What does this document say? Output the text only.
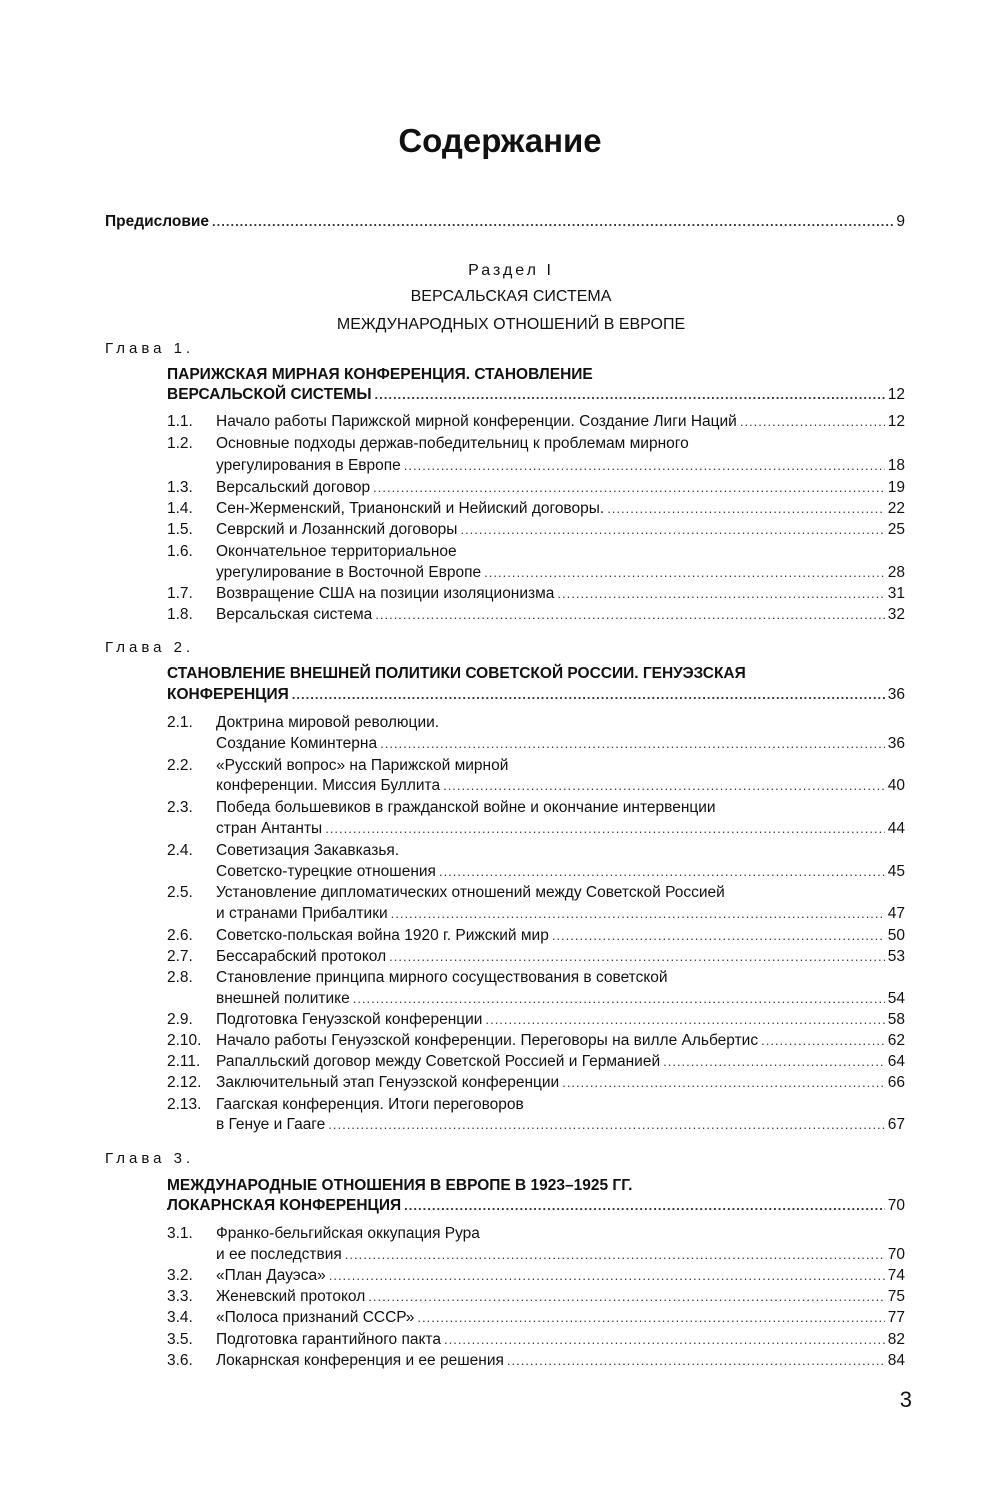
Содержание
Предисловие .....	9
Раздел I
ВЕРСАЛЬСКАЯ СИСТЕМА
МЕЖДУНАРОДНЫХ ОТНОШЕНИЙ В ЕВРОПЕ
Глава 1.
ПАРИЖСКАЯ МИРНАЯ КОНФЕРЕНЦИЯ. СТАНОВЛЕНИЕ
ВЕРСАЛЬСКОЙ СИСТЕМЫ .....	12
1.1. Начало работы Парижской мирной конференции. Создание Лиги Наций .....	12
1.2. Основные подходы держав-победительниц к проблемам мирного
урегулирования в Европе .....	18
1.3. Версальский договор .....	19
1.4. Сен-Жерменский, Трианонский и Нейиский договоры. .....	22
1.5. Севрский и Лозаннский договоры .....	25
1.6. Окончательное территориальное
урегулирование в Восточной Европе .....	28
1.7. Возвращение США на позиции изоляционизма .....	31
1.8. Версальская система .....	32
Глава 2.
СТАНОВЛЕНИЕ ВНЕШНЕЙ ПОЛИТИКИ СОВЕТСКОЙ РОССИИ. ГЕНУЭЗСКАЯ
КОНФЕРЕНЦИЯ .....	36
2.1. Доктрина мировой революции.
Создание Коминтерна .....	36
2.2. «Русский вопрос» на Парижской мирной
конференции. Миссия Буллита .....	40
2.3. Победа большевиков в гражданской войне и окончание интервенции
стран Антанты .....	44
2.4. Советизация Закавказья.
Советско-турецкие отношения .....	45
2.5. Установление дипломатических отношений между Советской Россией
и странами Прибалтики .....	47
2.6. Советско-польская война 1920 г. Рижский мир .....	50
2.7. Бессарабский протокол .....	53
2.8. Становление принципа мирного сосуществования в советской
внешней политике .....	54
2.9. Подготовка Генуэзской конференции .....	58
2.10. Начало работы Генуэзской конференции. Переговоры на вилле Альбертис .....	62
2.11. Рапалльский договор между Советской Россией и Германией .....	64
2.12. Заключительный этап Генуэзской конференции .....	66
2.13. Гаагская конференция. Итоги переговоров
в Генуе и Гааге .....	67
Глава 3.
МЕЖДУНАРОДНЫЕ ОТНОШЕНИЯ В ЕВРОПЕ В 1923–1925 ГГ.
ЛОКАРНСКАЯ КОНФЕРЕНЦИЯ .....	70
3.1. Франко-бельгийская оккупация Рура
и ее последствия .....	70
3.2. «План Дауэса» .....	74
3.3. Женевский протокол .....	75
3.4. «Полоса признаний СССР» .....	77
3.5. Подготовка гарантийного пакта .....	82
3.6. Локарнская конференция и ее решения .....	84
3
